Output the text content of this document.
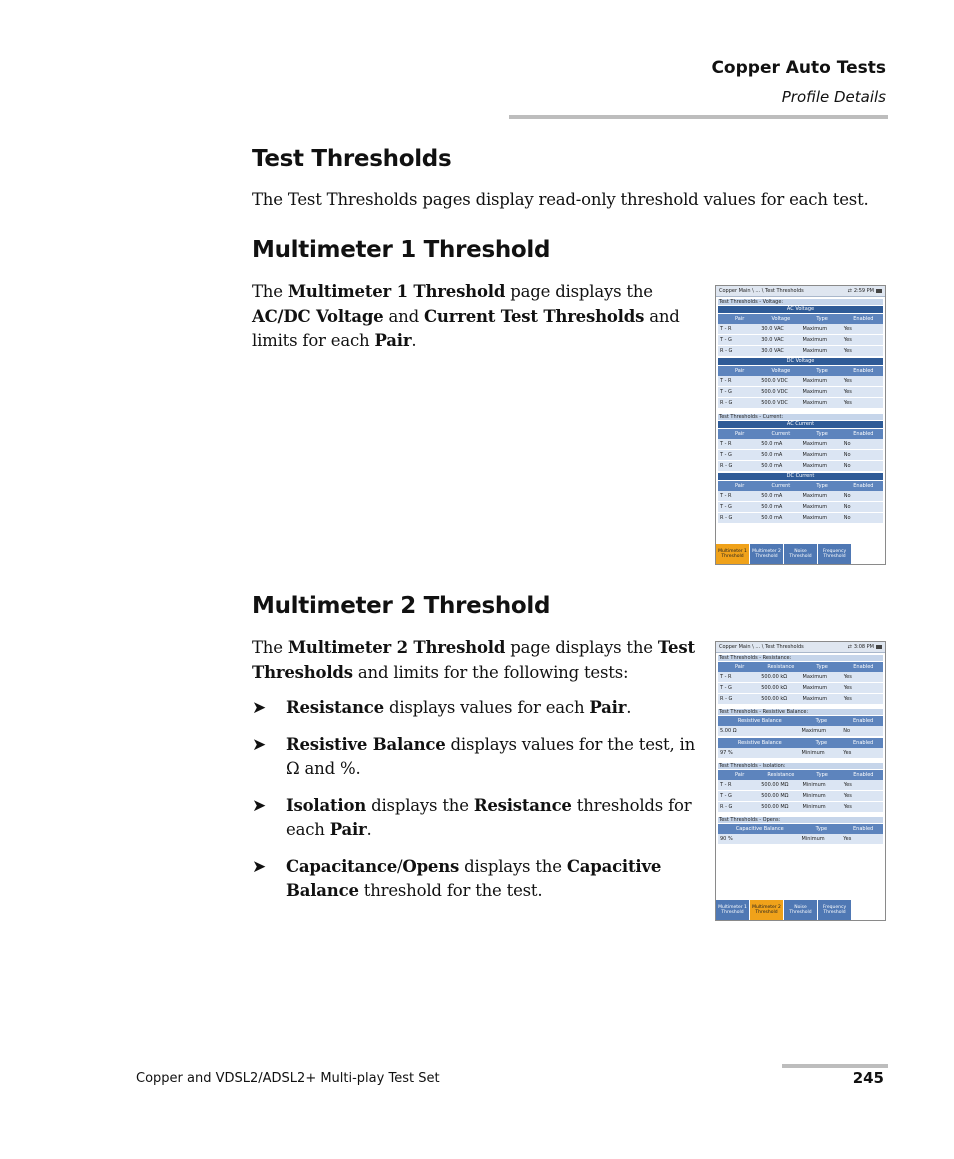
Copper Auto Tests
Profile Details
Test Thresholds
The Test Thresholds pages display read-only threshold values for each test.
Multimeter 1 Threshold
The Multimeter 1 Threshold page displays the AC/DC Voltage and Current Test Thresholds and limits for each Pair.
Copper Main \ ... \ Test Thresholds	⇄ 2:59 PM
Test Thresholds - Voltage:
AC Voltage
Pair	Voltage	Type	Enabled
T - R	30.0 VAC	Maximum	Yes
T - G	30.0 VAC	Maximum	Yes
R - G	30.0 VAC	Maximum	Yes
DC Voltage
Pair	Voltage	Type	Enabled
T - R	500.0 VDC	Maximum	Yes
T - G	500.0 VDC	Maximum	Yes
R - G	500.0 VDC	Maximum	Yes
Test Thresholds - Current:
AC Current
Pair	Current	Type	Enabled
T - R	50.0 mA	Maximum	No
T - G	50.0 mA	Maximum	No
R - G	50.0 mA	Maximum	No
DC Current
Pair	Current	Type	Enabled
T - R	50.0 mA	Maximum	No
T - G	50.0 mA	Maximum	No
R - G	50.0 mA	Maximum	No
Multimeter 1 Threshold
Multimeter 2 Threshold
Noise Threshold
Frequency Threshold
Multimeter 2 Threshold
The Multimeter 2 Threshold page displays the Test Thresholds and limits for the following tests:
➤ Resistance displays values for each Pair.
➤ Resistive Balance displays values for the test, in Ω and %.
➤ Isolation displays the Resistance thresholds for each Pair.
➤ Capacitance/Opens displays the Capacitive Balance threshold for the test.
Copper Main \ ... \ Test Thresholds	⇄ 3:08 PM
Test Thresholds - Resistance:
Pair	Resistance	Type	Enabled
T - R	500.00 kΩ	Maximum	Yes
T - G	500.00 kΩ	Maximum	Yes
R - G	500.00 kΩ	Maximum	Yes
Test Thresholds - Resistive Balance:
Resistive Balance	Type	Enabled
5.00 Ω	Maximum	No
Resistive Balance	Type	Enabled
97 %	Minimum	Yes
Test Thresholds - Isolation:
Pair	Resistance	Type	Enabled
T - R	500.00 MΩ	Minimum	Yes
T - G	500.00 MΩ	Minimum	Yes
R - G	500.00 MΩ	Minimum	Yes
Test Thresholds - Opens:
Capacitive Balance	Type	Enabled
90 %	Minimum	Yes
Multimeter 1 Threshold
Multimeter 2 Threshold
Noise Threshold
Frequency Threshold
Copper and VDSL2/ADSL2+ Multi-play Test Set	245
